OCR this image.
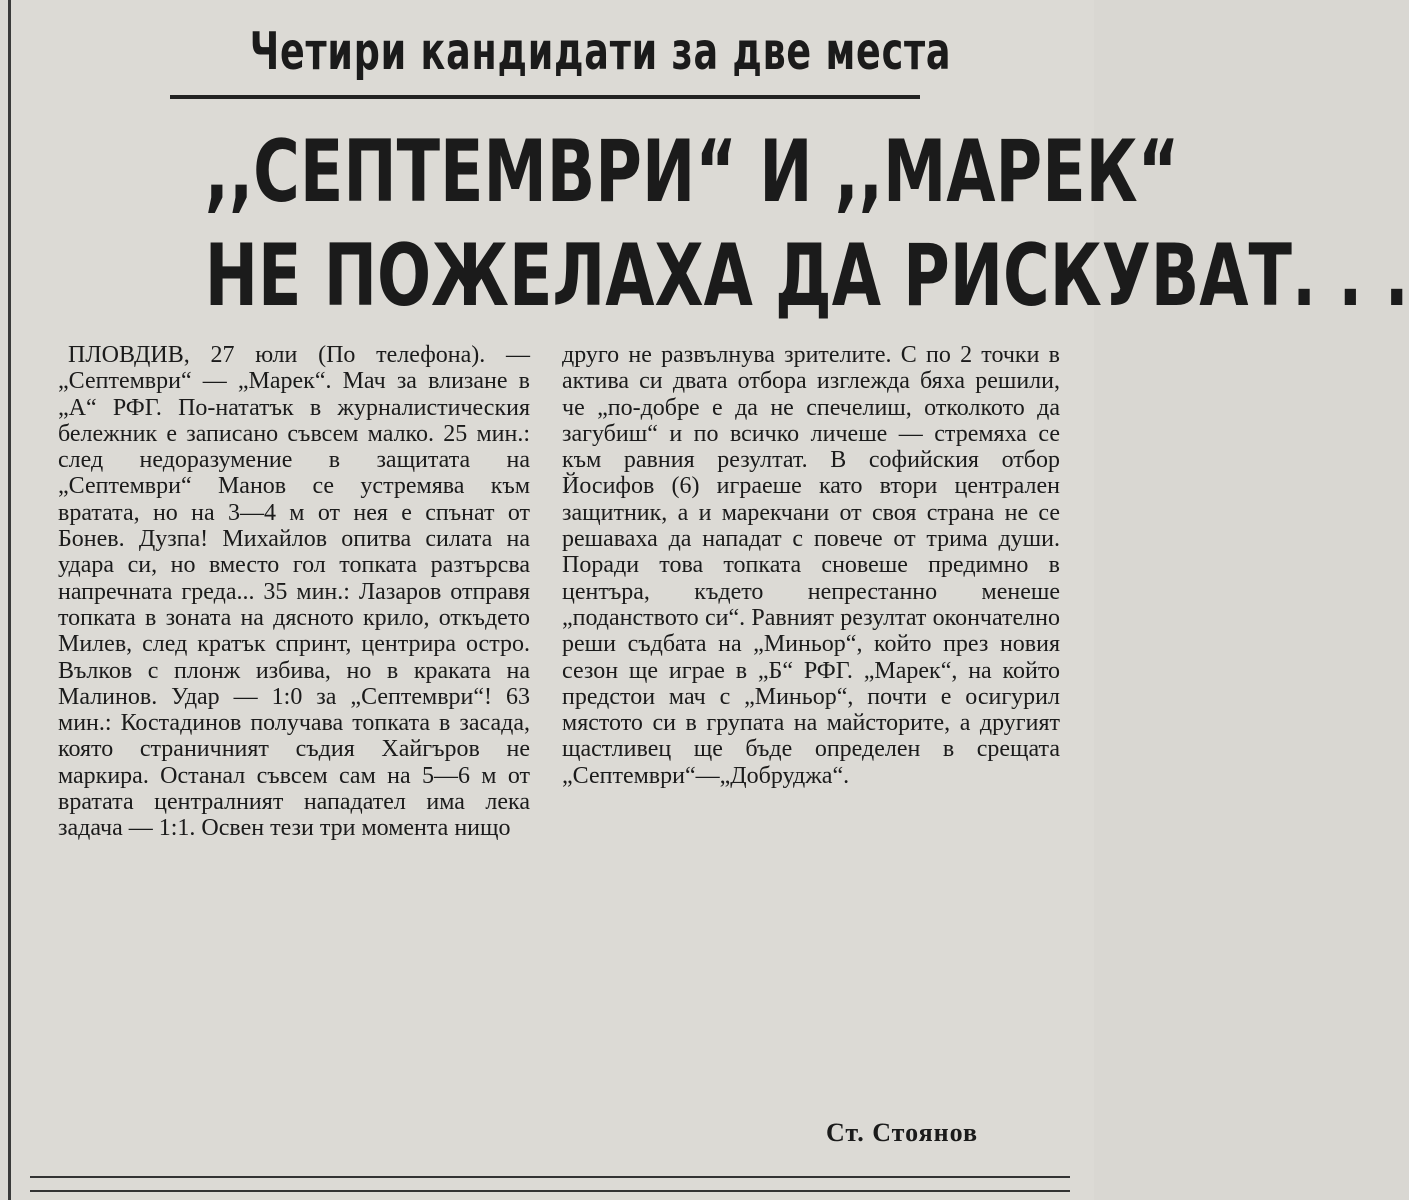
Четири кандидати за две места
,,СЕПТЕМВРИ“ И ,,МАРЕК“
НЕ ПОЖЕЛАХА ДА РИСКУВАТ. . .

ПЛОВДИВ, 27 юли (По телефона). — „Септември“ — „Марек“. Мач за влизане в „А“ РФГ. По-нататък в журналистическия бележник е записано съвсем малко. 25 мин.: след недоразумение в защитата на „Септември“ Манов се устремява към вратата, но на 3—4 м от нея е спънат от Бонев. Дузпа! Михайлов опитва силата на удара си, но вместо гол топката разтърсва напречната греда... 35 мин.: Лазаров отправя топката в зоната на дясното крило, откъдето Милев, след кратък спринт, центрира остро. Вълков с плонж избива, но в краката на Малинов. Удар — 1:0 за „Септември“! 63 мин.: Костадинов получава топката в засада, която страничният съдия Хайгъров не маркира. Останал съвсем сам на 5—6 м от вратата централният нападател има лека задача — 1:1. Освен тези три момента нищо

друго не развълнува зрителите. С по 2 точки в актива си двата отбора изглежда бяха решили, че „по-добре е да не спечелиш, отколкото да загубиш“ и по всичко личеше — стремяха се към равния резултат. В софийския отбор Йосифов (6) играеше като втори централен защитник, а и марекчани от своя страна не се решаваха да нападат с повече от трима души. Поради това топката сновеше предимно в центъра, където непрестанно менеше „поданството си“. Равният резултат окончателно реши съдбата на „Миньор“, който през новия сезон ще играе в „Б“ РФГ. „Марек“, на който предстои мач с „Миньор“, почти е осигурил мястото си в групата на майсторите, а другият щастливец ще бъде определен в срещата „Септември“—„Добруджа“.

Ст. Стоянов
